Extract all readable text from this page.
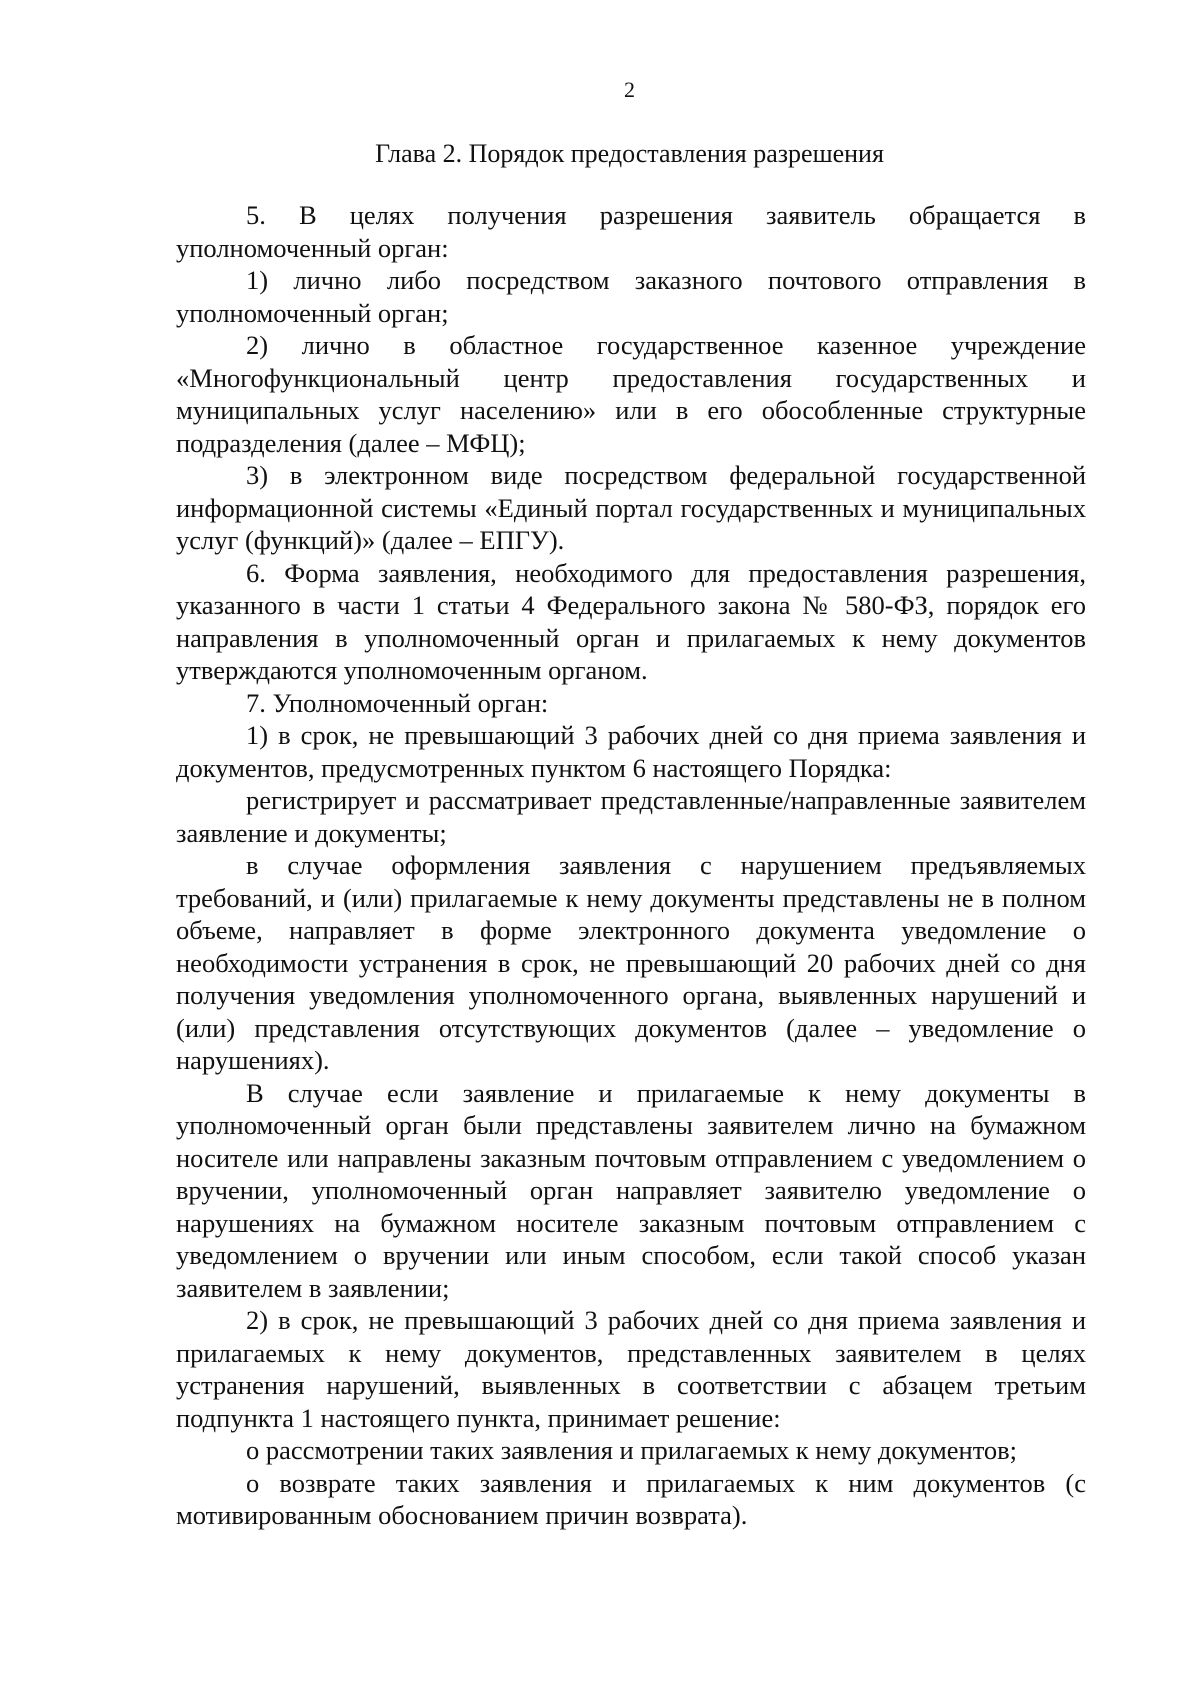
2
Глава 2. Порядок предоставления разрешения

5. В целях получения разрешения заявитель обращается в уполномоченный орган:

1) лично либо посредством заказного почтового отправления в уполномоченный орган;

2) лично в областное государственное казенное учреждение «Многофункциональный центр предоставления государственных и муниципальных услуг населению» или в его обособленные структурные подразделения (далее – МФЦ);

3) в электронном виде посредством федеральной государственной информационной системы «Единый портал государственных и муниципальных услуг (функций)» (далее – ЕПГУ).

6. Форма заявления, необходимого для предоставления разрешения, указанного в части 1 статьи 4 Федерального закона № 580-ФЗ, порядок его направления в уполномоченный орган и прилагаемых к нему документов утверждаются уполномоченным органом.

7. Уполномоченный орган:

1) в срок, не превышающий 3 рабочих дней со дня приема заявления и документов, предусмотренных пунктом 6 настоящего Порядка:

регистрирует и рассматривает представленные/направленные заявителем заявление и документы;

в случае оформления заявления с нарушением предъявляемых требований, и (или) прилагаемые к нему документы представлены не в полном объеме, направляет в форме электронного документа уведомление о необходимости устранения в срок, не превышающий 20 рабочих дней со дня получения уведомления уполномоченного органа, выявленных нарушений и (или) представления отсутствующих документов (далее – уведомление о нарушениях).

В случае если заявление и прилагаемые к нему документы в уполномоченный орган были представлены заявителем лично на бумажном носителе или направлены заказным почтовым отправлением с уведомлением о вручении, уполномоченный орган направляет заявителю уведомление о нарушениях на бумажном носителе заказным почтовым отправлением с уведомлением о вручении или иным способом, если такой способ указан заявителем в заявлении;

2) в срок, не превышающий 3 рабочих дней со дня приема заявления и прилагаемых к нему документов, представленных заявителем в целях устранения нарушений, выявленных в соответствии с абзацем третьим подпункта 1 настоящего пункта, принимает решение:

о рассмотрении таких заявления и прилагаемых к нему документов;

о возврате таких заявления и прилагаемых к ним документов (с мотивированным обоснованием причин возврата).
